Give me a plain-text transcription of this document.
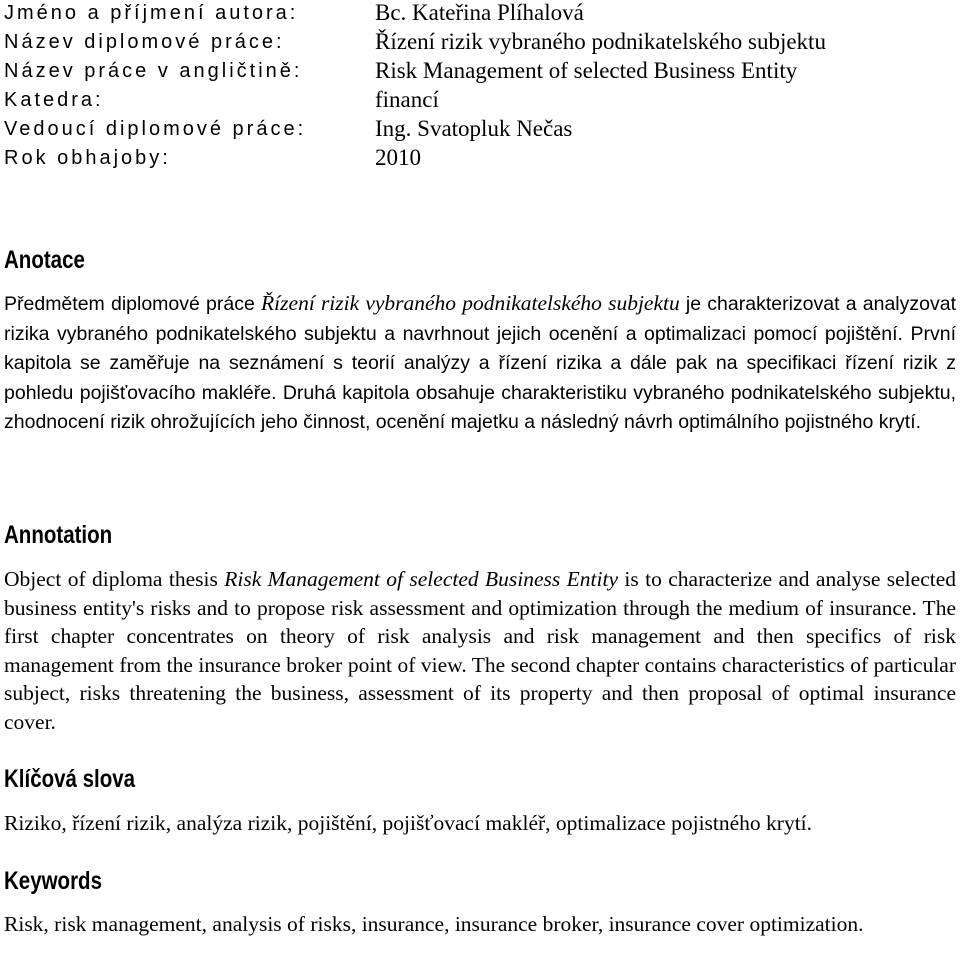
Jméno a příjmení autora:	Bc. Kateřina Plíhalová
Název diplomové práce:	Řízení rizik vybraného podnikatelského subjektu
Název práce v angličtině:	Risk Management of selected Business Entity
Katedra:	financí
Vedoucí diplomové práce:	Ing. Svatopluk Nečas
Rok obhajoby:	2010
Anotace

Předmětem diplomové práce Řízení rizik vybraného podnikatelského subjektu je charakterizovat a analyzovat rizika vybraného podnikatelského subjektu a navrhnout jejich ocenění a optimalizaci pomocí pojištění. První kapitola se zaměřuje na seznámení s teorií analýzy a řízení rizika a dále pak na specifikaci řízení rizik z pohledu pojišťovacího makléře. Druhá kapitola obsahuje charakteristiku vybraného podnikatelského subjektu, zhodnocení rizik ohrožujících jeho činnost, ocenění majetku a následný návrh optimálního pojistného krytí.

Annotation

Object of diploma thesis Risk Management of selected Business Entity is to characterize and analyse selected business entity's risks and to propose risk assessment and optimization through the medium of insurance. The first chapter concentrates on theory of risk analysis and risk management and then specifics of risk management from the insurance broker point of view. The second chapter contains characteristics of particular subject, risks threatening the business, assessment of its property and then proposal of optimal insurance cover.

Klíčová slova

Riziko, řízení rizik, analýza rizik, pojištění, pojišťovací makléř, optimalizace pojistného krytí.

Keywords

Risk, risk management, analysis of risks, insurance, insurance broker, insurance cover optimization.
